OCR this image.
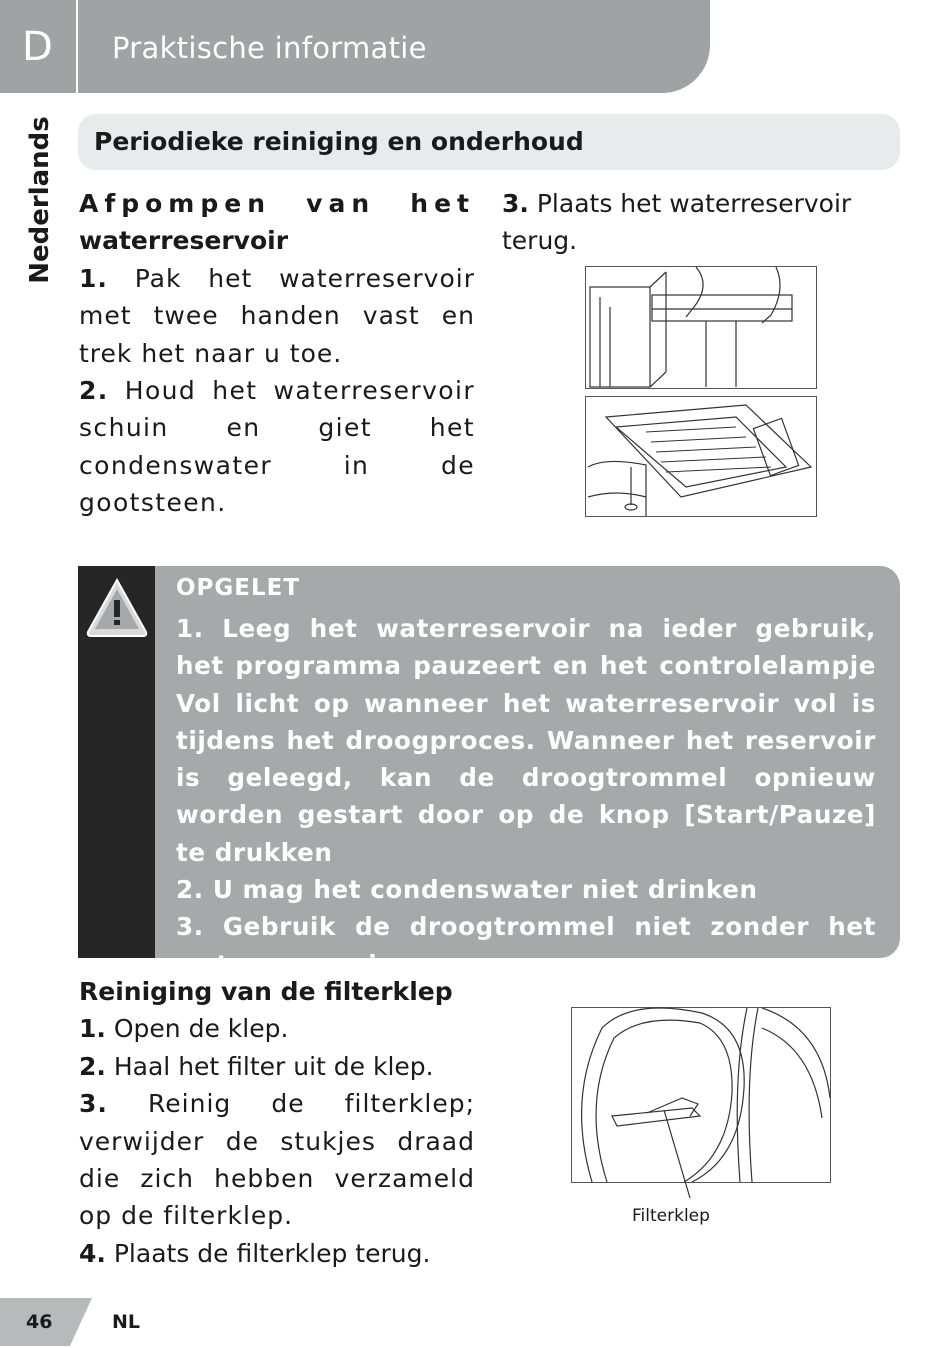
D Praktische informatie
Nederlands Periodieke reiniging en onderhoud
Afpompen van het waterreservoir
1. Pak het waterreservoir met twee handen vast en trek het naar u toe.
2. Houd het waterreservoir schuin en giet het condenswater in de gootsteen.
3. Plaats het waterreservoir terug.
OPGELET
1. Leeg het waterreservoir na ieder gebruik, het programma pauzeert en het controlelampje Vol licht op wanneer het waterreservoir vol is tijdens het droogproces. Wanneer het reservoir is geleegd, kan de droogtrommel opnieuw worden gestart door op de knop [Start/Pauze] te drukken
2. U mag het condenswater niet drinken
3. Gebruik de droogtrommel niet zonder het waterreservoir.
Reiniging van de filterklep
1. Open de klep.
2. Haal het filter uit de klep.
3. Reinig de filterklep; verwijder de stukjes draad die zich hebben verzameld op de filterklep.
4. Plaats de filterklep terug.
Filterklep
46	NL
